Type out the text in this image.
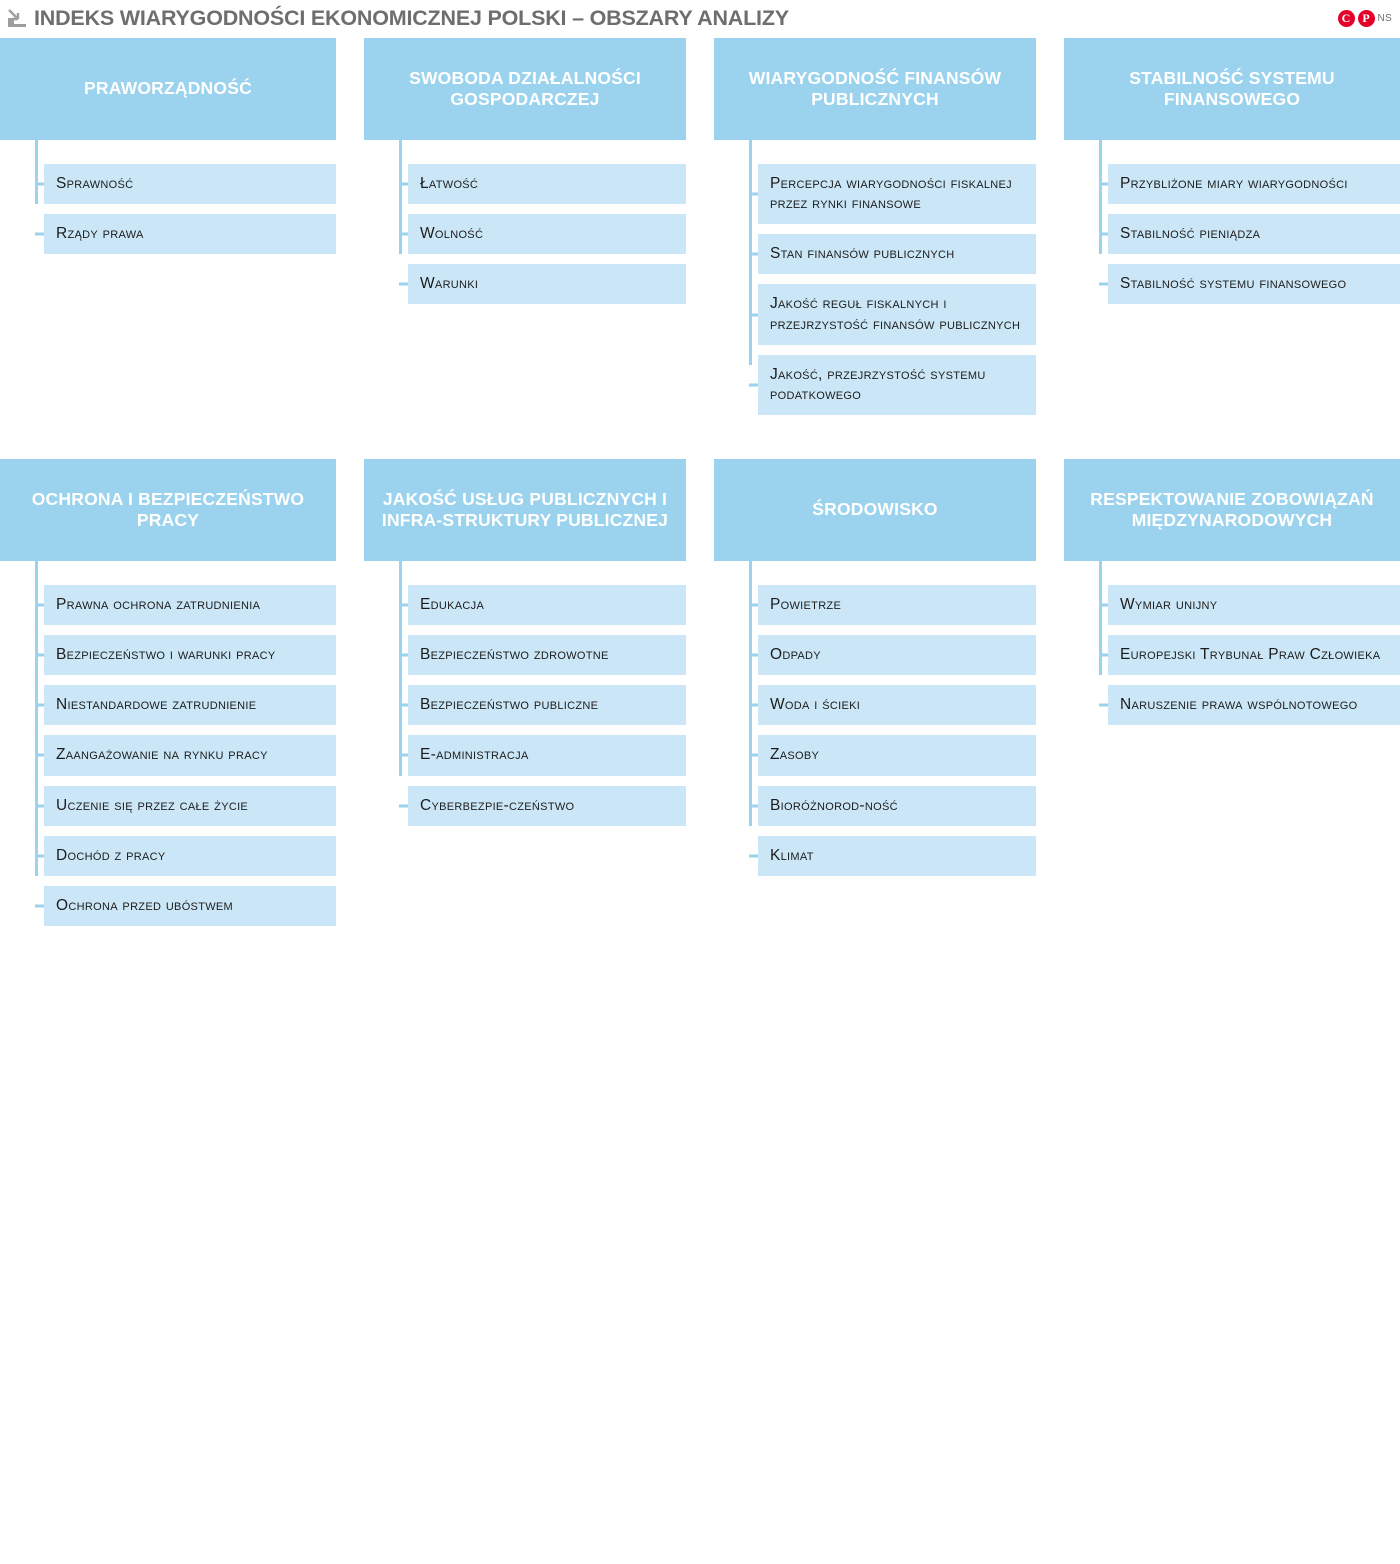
INDEKS WIARYGODNOŚCI EKONOMICZNEJ POLSKI – OBSZARY ANALIZY	C	P NS
PRAWORZĄDNOŚĆ
Sprawność
Rządy prawa
SWOBODA DZIAŁALNOŚCI GOSPODARCZEJ
Łatwość
Wolność
Warunki
WIARYGODNOŚĆ FINANSÓW PUBLICZNYCH
Percepcja wiarygodności fiskalnej przez rynki finansowe
Stan finansów publicznych
Jakość reguł fiskalnych i przejrzystość finansów publicznych
Jakość, przejrzystość systemu podatkowego
STABILNOŚĆ SYSTEMU FINANSOWEGO
Przybliżone miary wiarygodności
Stabilność pieniądza
Stabilność systemu finansowego
OCHRONA I BEZPIECZEŃSTWO PRACY
Prawna ochrona zatrudnienia
Bezpieczeństwo i warunki pracy
Niestandardowe zatrudnienie
Zaangażowanie na rynku pracy
Uczenie się przez całe życie
Dochód z pracy
Ochrona przed ubóstwem
JAKOŚĆ USŁUG PUBLICZNYCH I INFRA-STRUKTURY PUBLICZNEJ
Edukacja
Bezpieczeństwo zdrowotne
Bezpieczeństwo publiczne
E-administracja
Cyberbezpie-czeństwo
ŚRODOWISKO
Powietrze
Odpady
Woda i ścieki
Zasoby
Bioróżnorod-ność
Klimat
RESPEKTOWANIE ZOBOWIĄZAŃ MIĘDZYNARODOWYCH
Wymiar unijny
Europejski Trybunał Praw Człowieka
Naruszenie prawa wspólnotowego
